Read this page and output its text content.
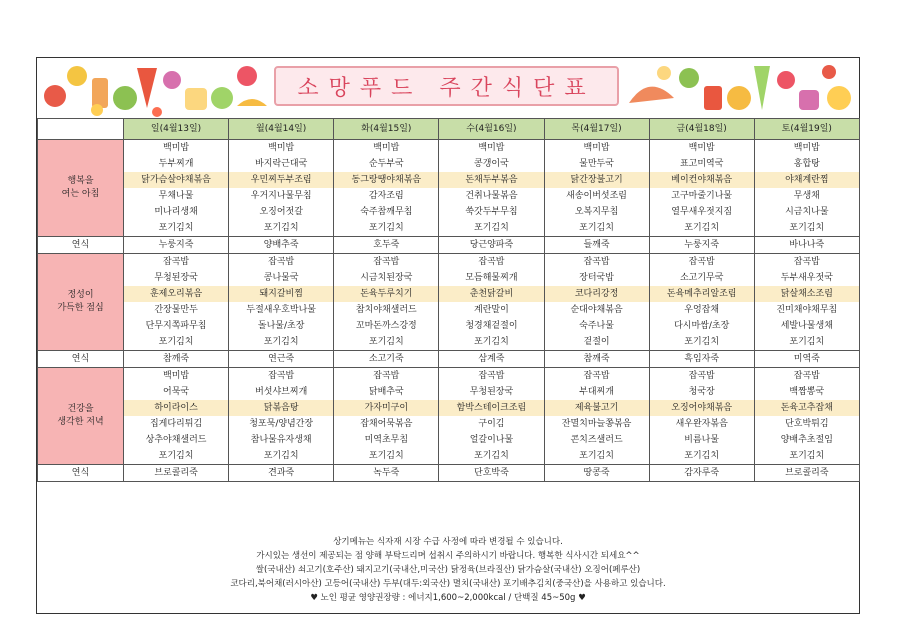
소망푸드 주간식단표
	일(4월13일)	월(4월14일)	화(4월15일)	수(4월16일)	목(4월17일)	금(4월18일)	토(4월19일)

행복을
여는 아침	백미밥	백미밥	백미밥	백미밥	백미밥	백미밥	백미밥
	두부찌개	바지락근대국	순두부국	콩갱이국	물만두국	표고미역국	홍합탕
	닭가슴살야채볶음	우민찌두부조림	동그랑땡야채볶음	돈채두부볶음	닭간장불고기	베이컨야채볶음	야채계란찜
	무채나물	우거지나물무침	감자조림	건취나물볶음	새송이버섯조림	고구마줄기나물	무생채
	미나리생채	오징어젓갈	숙주참깨무침	쑥갓두부무침	오복지무침	열무새우젓지짐	시금치나물
	포기김치	포기김치	포기김치	포기김치	포기김치	포기김치	포기김치
연식	누룽지죽	양배추죽	호두죽	당근양파죽	들깨죽	누룽지죽	바나나죽

정성이
가득한 점심	잡곡밥	잡곡밥	잡곡밥	잡곡밥	잡곡밥	잡곡밥	잡곡밥
	무청된장국	콩나물국	시금치된장국	모듬해물찌개	장터국밥	소고기무국	두부새우젓국
	훈제오리볶음	돼지갈비찜	돈육두루치기	춘천닭갈비	코다리강정	돈육메추리알조림	닭살채소조림
	간장물만두	두절새우호박나물	참치야채샐러드	계란말이	순대야채볶음	우엉잡채	진미채야채무침
	단무지쪽파무침	돌나물/초장	꼬마돈까스강정	청경채겉절이	숙주나물	다시마쌈/초장	세발나물생채
	포기김치	포기김치	포기김치	포기김치	겉절이	포기김치	포기김치
연식	참깨죽	연근죽	소고기죽	삼계죽	참깨죽	흑임자죽	미역죽

건강을
생각한 저녁	백미밥	잡곡밥	잡곡밥	잡곡밥	잡곡밥	잡곡밥	잡곡밥
	어묵국	버섯샤브찌개	닭배추국	무청된장국	부대찌개	청국장	백짬뽕국
	하이라이스	닭볶음탕	가자미구이	함박스테이크조림	제육불고기	오징어야채볶음	돈육고추잡채
	집게다리튀김	청포묵/양념간장	잡채어묵볶음	구이김	잔멸치마늘쫑볶음	새우완자볶음	단호박튀김
	상추야채샐러드	참나물유자생채	미역초무침	얼갈이나물	콘치즈샐러드	비름나물	양배추초절임
	포기김치	포기김치	포기김치	포기김치	포기김치	포기김치	포기김치
연식	브로콜리죽	견과죽	녹두죽	단호박죽	땅콩죽	감자루죽	브로콜리죽
상기메뉴는 식자재 시장 수급 사정에 따라 변경될 수 있습니다.
가시있는 생선이 제공되는 점 양해 부탁드리며 섭취시 주의하시기 바랍니다. 행복한 식사시간 되세요^^
쌀(국내산) 쇠고기(호주산) 돼지고기(국내산,미국산) 닭정육(브라질산) 닭가슴살(국내산) 오징어(페루산)
코다리,북어채(러시아산) 고등어(국내산) 두부(대두:외국산) 멸치(국내산) 포기배추김치(중국산)을 사용하고 있습니다.
♥ 노인 평균 영양권장량 : 에너지1,600~2,000kcal / 단백질 45~50g ♥
